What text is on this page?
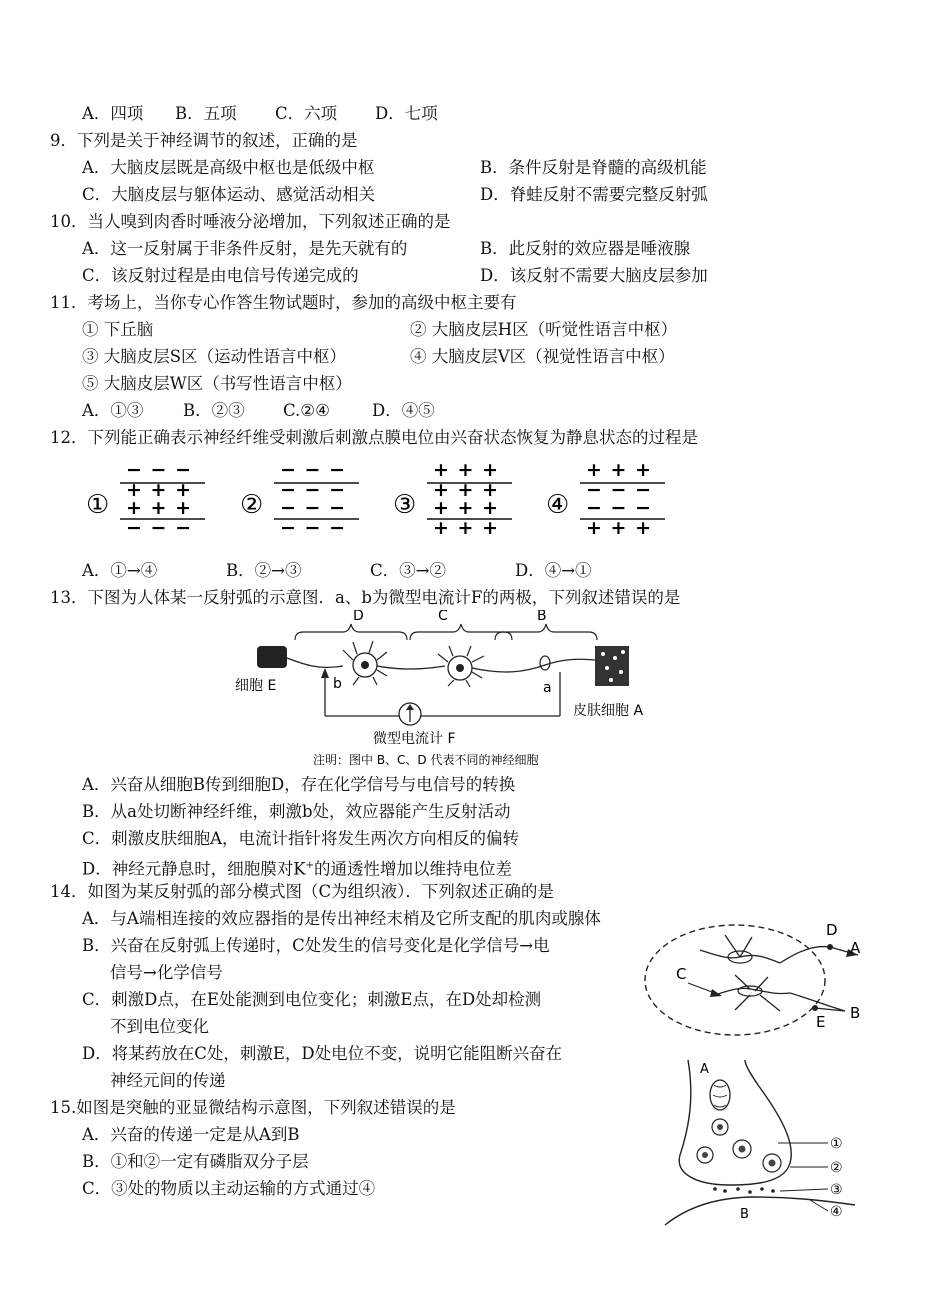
A．四项 B．五项 C．六项 D．七项
9．下列是关于神经调节的叙述，正确的是
A．大脑皮层既是高级中枢也是低级中枢	B．条件反射是脊髓的高级机能
C．大脑皮层与躯体运动、感觉活动相关	D．脊蛙反射不需要完整反射弧
10．当人嗅到肉香时唾液分泌增加，下列叙述正确的是
A．这一反射属于非条件反射，是先天就有的	B．此反射的效应器是唾液腺
C．该反射过程是由电信号传递完成的	D．该反射不需要大脑皮层参加
11．考场上，当你专心作答生物试题时，参加的高级中枢主要有
① 下丘脑	② 大脑皮层H区（听觉性语言中枢）
③ 大脑皮层S区（运动性语言中枢）	④ 大脑皮层V区（视觉性语言中枢）
⑤ 大脑皮层W区（书写性语言中枢）
A．①③ B．②③ C.②④	D．④⑤
12．下列能正确表示神经纤维受刺激后刺激点膜电位由兴奋状态恢复为静息状态的过程是
①
− − −
+ + +
+ + +
− − −
②
− − −
− − −
− − −
− − −
③
+ + +
+ + +
+ + +
+ + +
④
+ + +
− − −
− − −
+ + +
A．①→④	B．②→③	C．③→②	D．④→①
13．下图为人体某一反射弧的示意图．a、b为微型电流计F的两极，下列叙述错误的是
D	C	B
细胞 E
皮肤细胞 A
b	a
微型电流计 F
注明：图中 B、C、D 代表不同的神经细胞
A．兴奋从细胞B传到细胞D，存在化学信号与电信号的转换
B．从a处切断神经纤维，刺激b处，效应器能产生反射活动
C．刺激皮肤细胞A，电流计指针将发生两次方向相反的偏转
D．神经元静息时，细胞膜对K+的通透性增加以维持电位差
14．如图为某反射弧的部分模式图（C为组织液）．下列叙述正确的是
A．与A端相连接的效应器指的是传出神经末梢及它所支配的肌肉或腺体
B．兴奋在反射弧上传递时，C处发生的信号变化是化学信号→电
信号→化学信号
C．刺激D点，在E处能测到电位变化；刺激E点，在D处却检测
不到电位变化
D．将某药放在C处，刺激E，D处电位不变，说明它能阻断兴奋在
神经元间的传递
D
A
C
E B
15.如图是突触的亚显微结构示意图，下列叙述错误的是
A．兴奋的传递一定是从A到B
B．①和②一定有磷脂双分子层
C．③处的物质以主动运输的方式通过④
A
B
①
②
③
④
